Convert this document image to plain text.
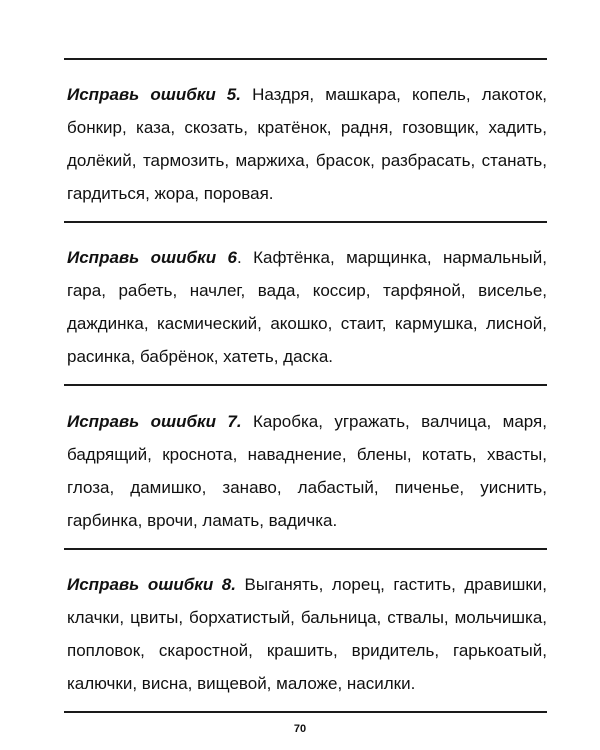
Исправь ошибки 5. Наздря, машкара, копель, лакоток,
бонкир, каза, скозать, кратёнок, радня, гозовщик, хадить,
долёкий, тармозить, маржиха, брасок, разбрасать, станать,
гардиться, жора, поровая.
Исправь ошибки 6. Кафтёнка, марщинка, нармальный,
гара, рабеть, начлег, вада, коссир, тарфяной, виселье,
даждинка, касмический, акошко, стаит, кармушка, лисной,
расинка, бабрёнок, хатеть, даска.
Исправь ошибки 7. Каробка, угражать, валчица, маря,
бадрящий, кроснота, наваднение, блены, котать, хвасты,
глоза, дамишко, занаво, лабастый, пиченье, уиснить,
гарбинка, врочи, ламать, вадичка.
Исправь ошибки 8. Выганять, лорец, гастить, дравишки,
клачки, цвиты, борхатистый, бальница, ствалы, мольчишка,
попловок, скаростной, крашить, вридитель, гарькоатый,
калючки, висна, вищевой, маложе, насилки.
70
